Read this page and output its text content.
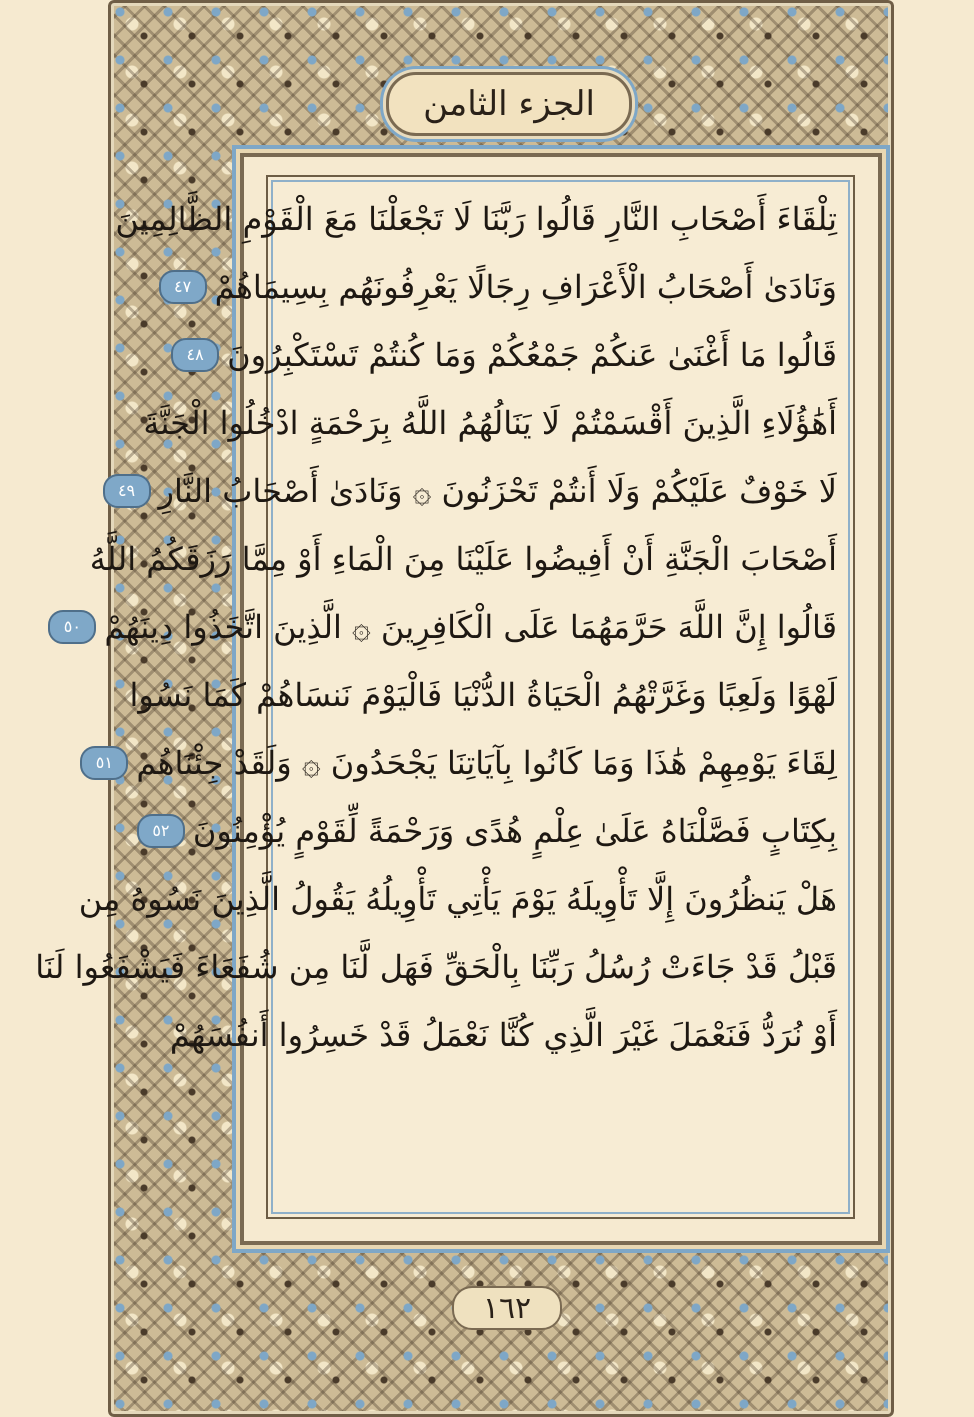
الجزء الثامن
تِلْقَاءَ أَصْحَابِ النَّارِ قَالُوا رَبَّنَا لَا تَجْعَلْنَا مَعَ الْقَوْمِ الظَّالِمِينَ
وَنَادَىٰ أَصْحَابُ الْأَعْرَافِ رِجَالًا يَعْرِفُونَهُم بِسِيمَاهُمْ
٤٧
قَالُوا مَا أَغْنَىٰ عَنكُمْ جَمْعُكُمْ وَمَا كُنتُمْ تَسْتَكْبِرُونَ
٤٨
أَهَٰؤُلَاءِ الَّذِينَ أَقْسَمْتُمْ لَا يَنَالُهُمُ اللَّهُ بِرَحْمَةٍ ادْخُلُوا الْجَنَّةَ
لَا خَوْفٌ عَلَيْكُمْ وَلَا أَنتُمْ تَحْزَنُونَ ۞ وَنَادَىٰ أَصْحَابُ النَّارِ
٤٩
أَصْحَابَ الْجَنَّةِ أَنْ أَفِيضُوا عَلَيْنَا مِنَ الْمَاءِ أَوْ مِمَّا رَزَقَكُمُ اللَّهُ
قَالُوا إِنَّ اللَّهَ حَرَّمَهُمَا عَلَى الْكَافِرِينَ ۞ الَّذِينَ اتَّخَذُوا دِينَهُمْ
٥٠
لَهْوًا وَلَعِبًا وَغَرَّتْهُمُ الْحَيَاةُ الدُّنْيَا فَالْيَوْمَ نَنسَاهُمْ كَمَا نَسُوا
لِقَاءَ يَوْمِهِمْ هَٰذَا وَمَا كَانُوا بِآيَاتِنَا يَجْحَدُونَ ۞ وَلَقَدْ جِئْنَاهُم
٥١
بِكِتَابٍ فَصَّلْنَاهُ عَلَىٰ عِلْمٍ هُدًى وَرَحْمَةً لِّقَوْمٍ يُؤْمِنُونَ
٥٢
هَلْ يَنظُرُونَ إِلَّا تَأْوِيلَهُ يَوْمَ يَأْتِي تَأْوِيلُهُ يَقُولُ الَّذِينَ نَسُوهُ مِن
قَبْلُ قَدْ جَاءَتْ رُسُلُ رَبِّنَا بِالْحَقِّ فَهَل لَّنَا مِن شُفَعَاءَ فَيَشْفَعُوا لَنَا
أَوْ نُرَدُّ فَنَعْمَلَ غَيْرَ الَّذِي كُنَّا نَعْمَلُ قَدْ خَسِرُوا أَنفُسَهُمْ
١٦٢
